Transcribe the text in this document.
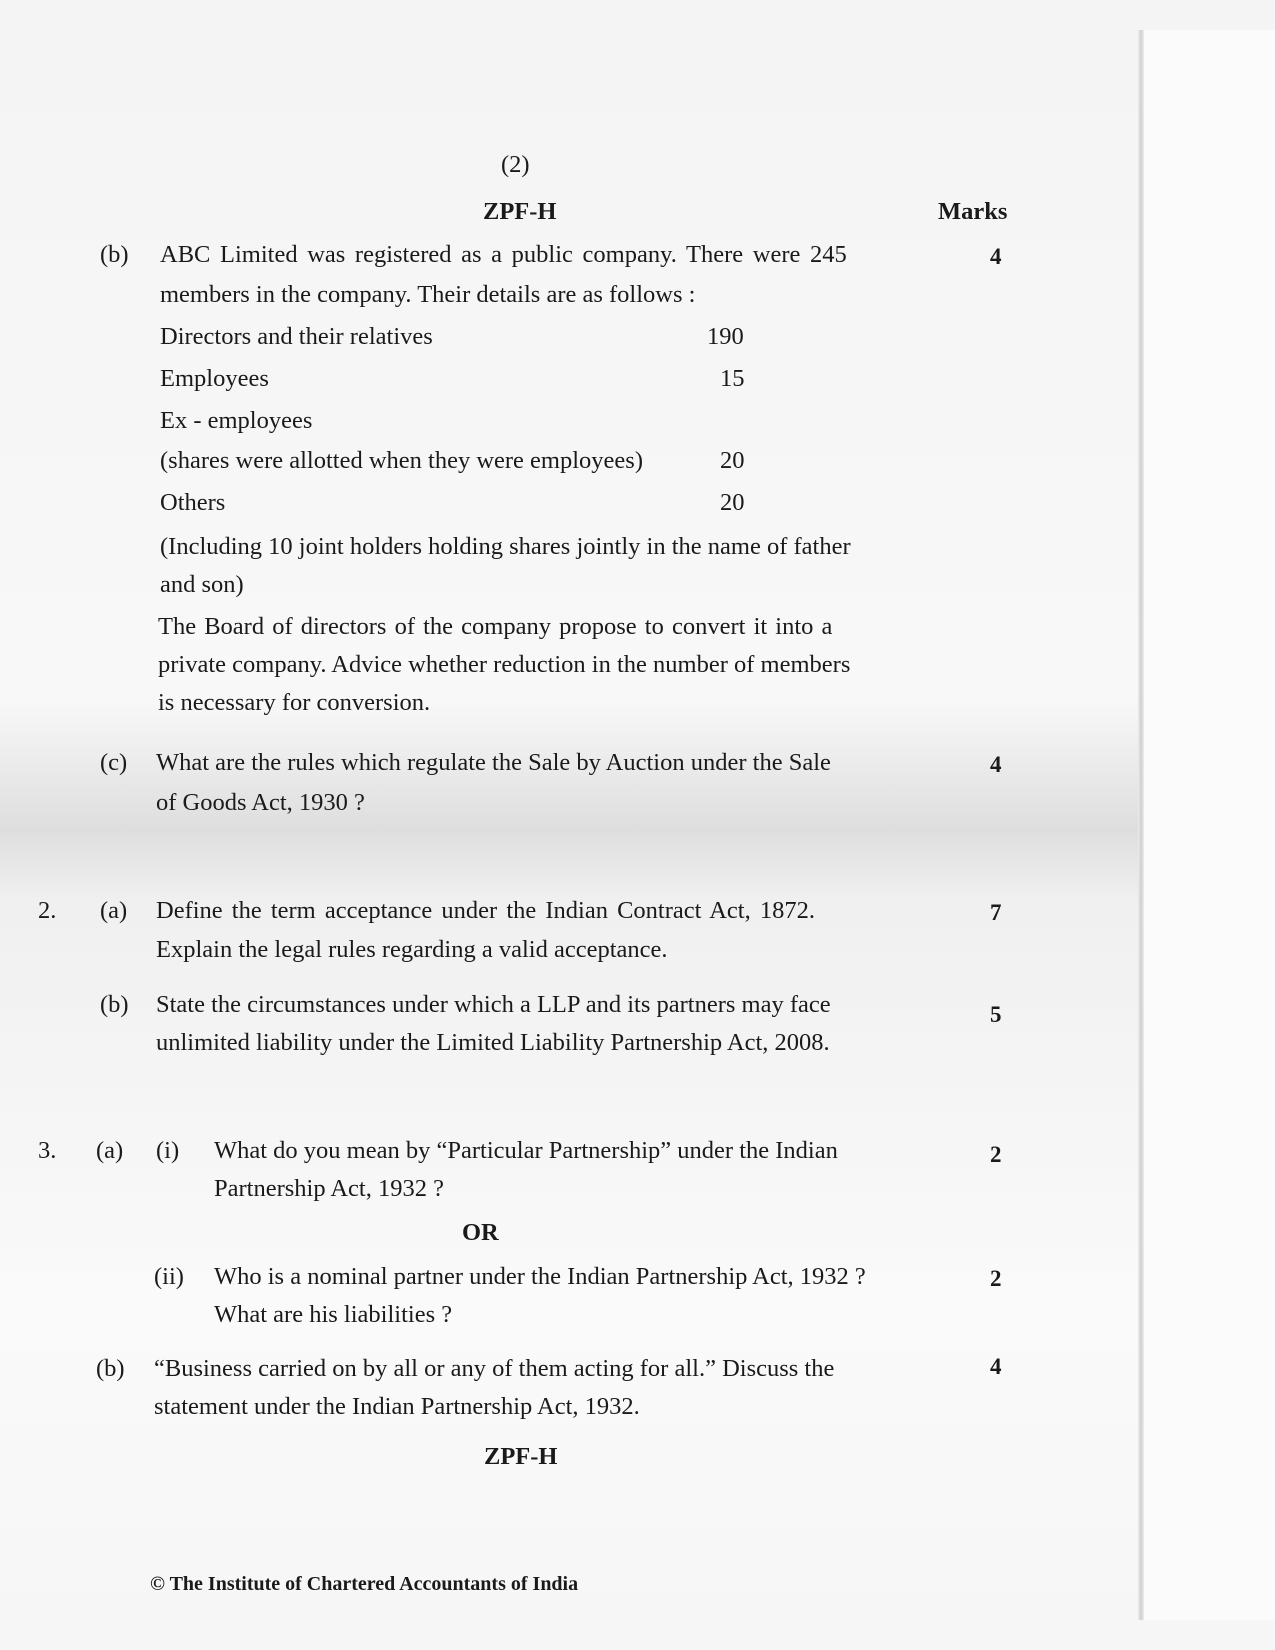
(2)
ZPF-H	Marks
(b) ABC Limited was registered as a public company. There were 245
members in the company. Their details are as follows :
4
Directors and their relatives	190
Employees	15
Ex - employees
(shares were allotted when they were employees)	20
Others	20
(Including 10 joint holders holding shares jointly in the name of father
and son)
The Board of directors of the company propose to convert it into a
private company. Advice whether reduction in the number of members
is necessary for conversion.
(c) What are the rules which regulate the Sale by Auction under the Sale
of Goods Act, 1930 ?
4
2. (a) Define the term acceptance under the Indian Contract Act, 1872.
Explain the legal rules regarding a valid acceptance.
7
(b) State the circumstances under which a LLP and its partners may face
unlimited liability under the Limited Liability Partnership Act, 2008.
5
3. (a) (i) What do you mean by “Particular Partnership” under the Indian
Partnership Act, 1932 ?
2
OR
(ii) Who is a nominal partner under the Indian Partnership Act, 1932 ?
What are his liabilities ?
2
(b) “Business carried on by all or any of them acting for all.” Discuss the
statement under the Indian Partnership Act, 1932.
4
ZPF-H
© The Institute of Chartered Accountants of India
